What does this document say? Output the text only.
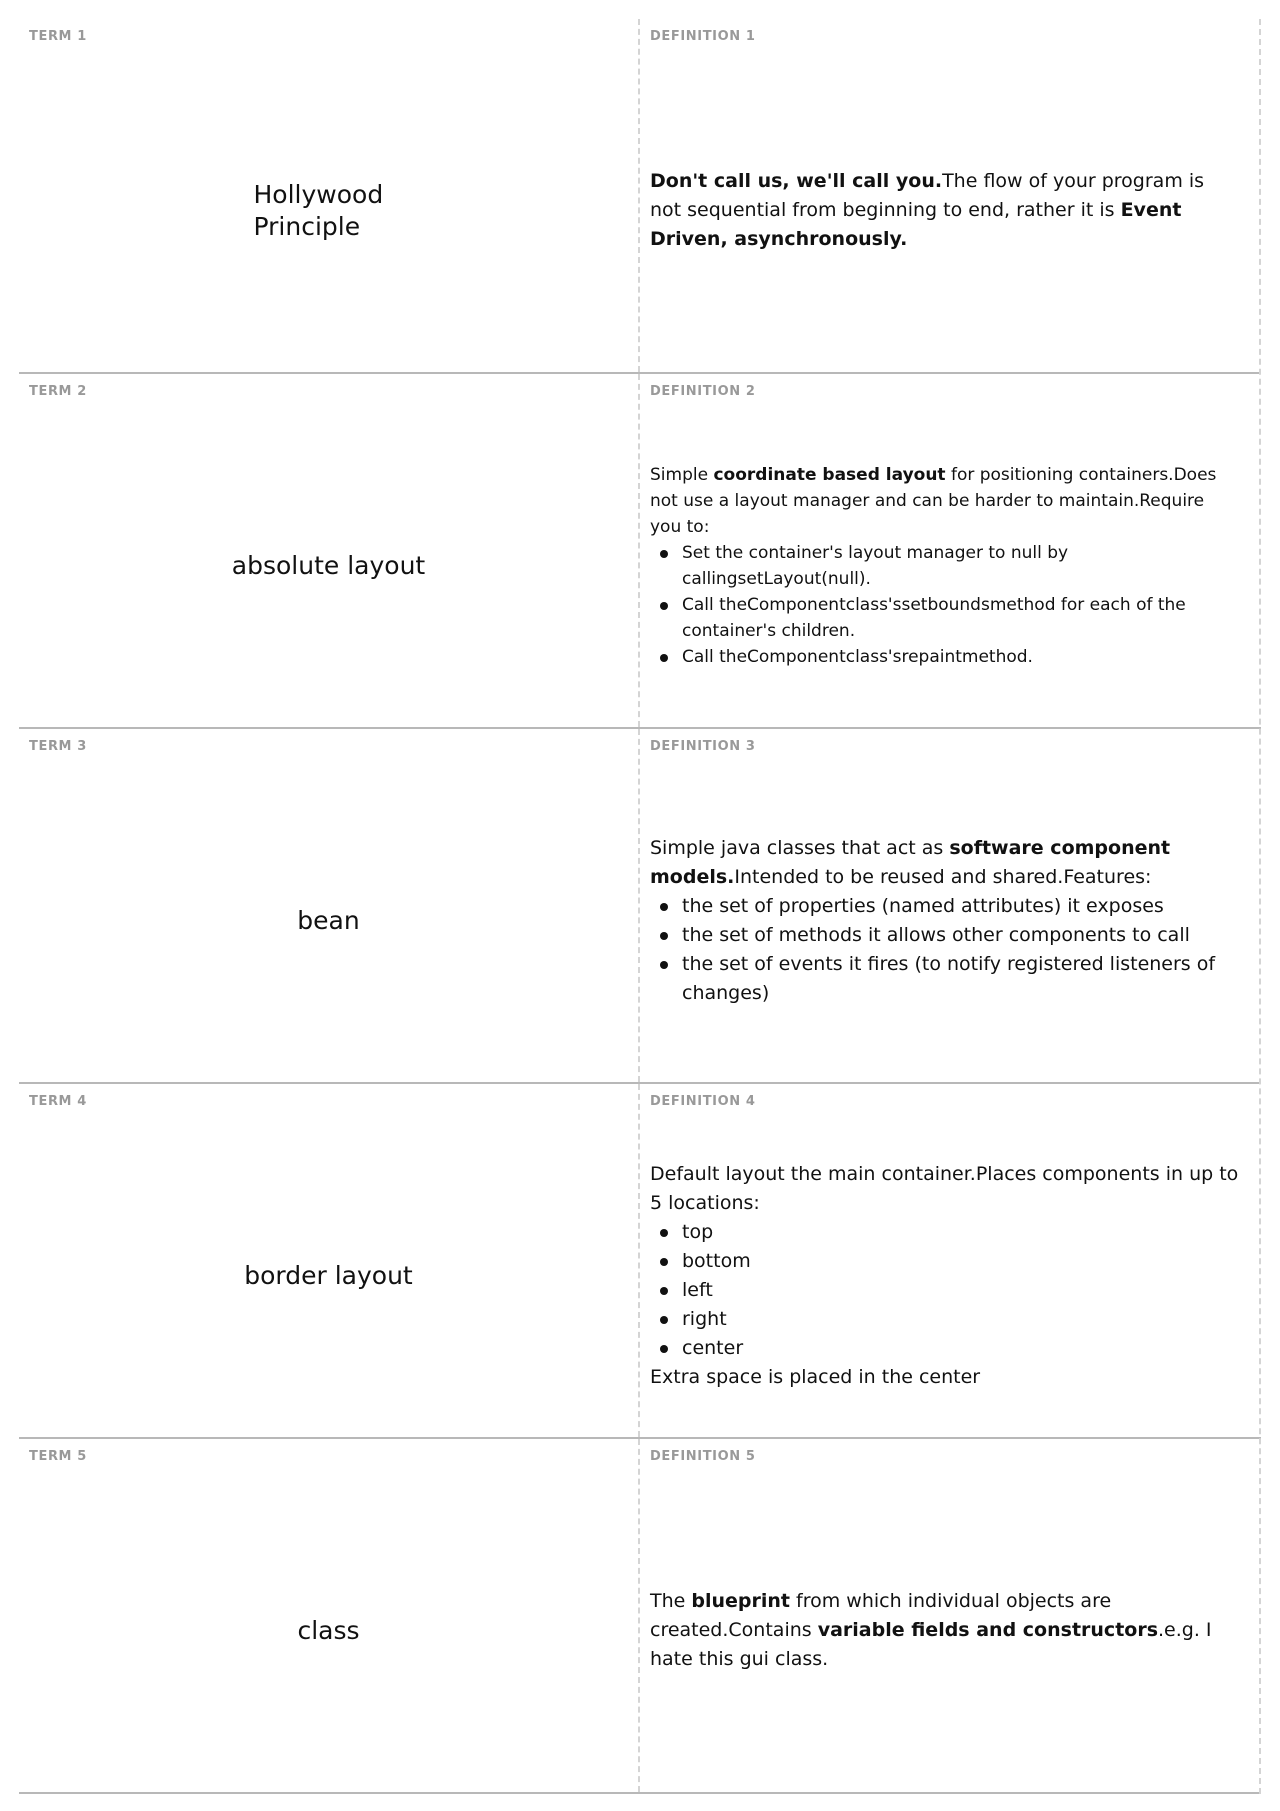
TERM 1
Hollywood Principle
DEFINITION 1

Don't call us, we'll call you.The flow of your program is not sequential from beginning to end, rather it is Event Driven, asynchronously.

TERM 2
absolute layout
DEFINITION 2

Simple coordinate based layout for positioning containers.Does not use a layout manager and can be harder to maintain.Require you to:

Set the container's layout manager to null by callingsetLayout(null).
Call theComponentclass'ssetboundsmethod for each of the container's children.
Call theComponentclass'srepaintmethod.
TERM 3
bean
DEFINITION 3

Simple java classes that act as software component models.Intended to be reused and shared.Features:

the set of properties (named attributes) it exposes
the set of methods it allows other components to call
the set of events it fires (to notify registered listeners of changes)
TERM 4
border layout
DEFINITION 4

Default layout the main container.Places components in up to 5 locations:

top
bottom
left
right
center

Extra space is placed in the center

TERM 5
class
DEFINITION 5

The blueprint from which individual objects are created.Contains variable fields and constructors.e.g. I hate this gui class.
